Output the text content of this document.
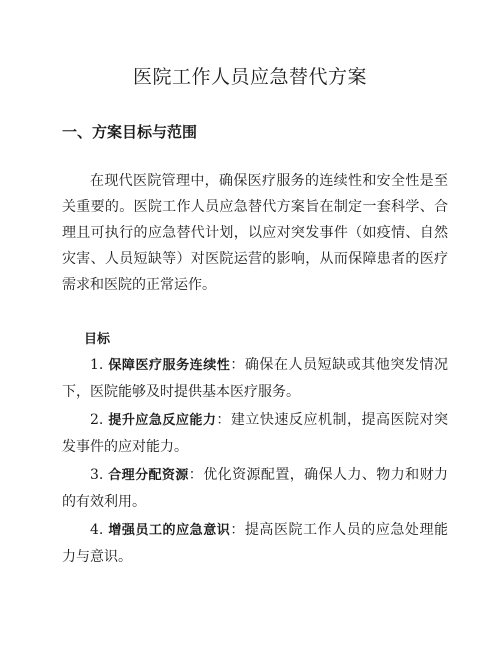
医院工作人员应急替代方案
一、方案目标与范围

在现代医院管理中，确保医疗服务的连续性和安全性是至关重要的。医院工作人员应急替代方案旨在制定一套科学、合理且可执行的应急替代计划，以应对突发事件（如疫情、自然灾害、人员短缺等）对医院运营的影响，从而保障患者的医疗需求和医院的正常运作。

目标
1. 保障医疗服务连续性：确保在人员短缺或其他突发情况下，医院能够及时提供基本医疗服务。
2. 提升应急反应能力：建立快速反应机制，提高医院对突发事件的应对能力。
3. 合理分配资源：优化资源配置，确保人力、物力和财力的有效利用。
4. 增强员工的应急意识：提高医院工作人员的应急处理能力与意识。
